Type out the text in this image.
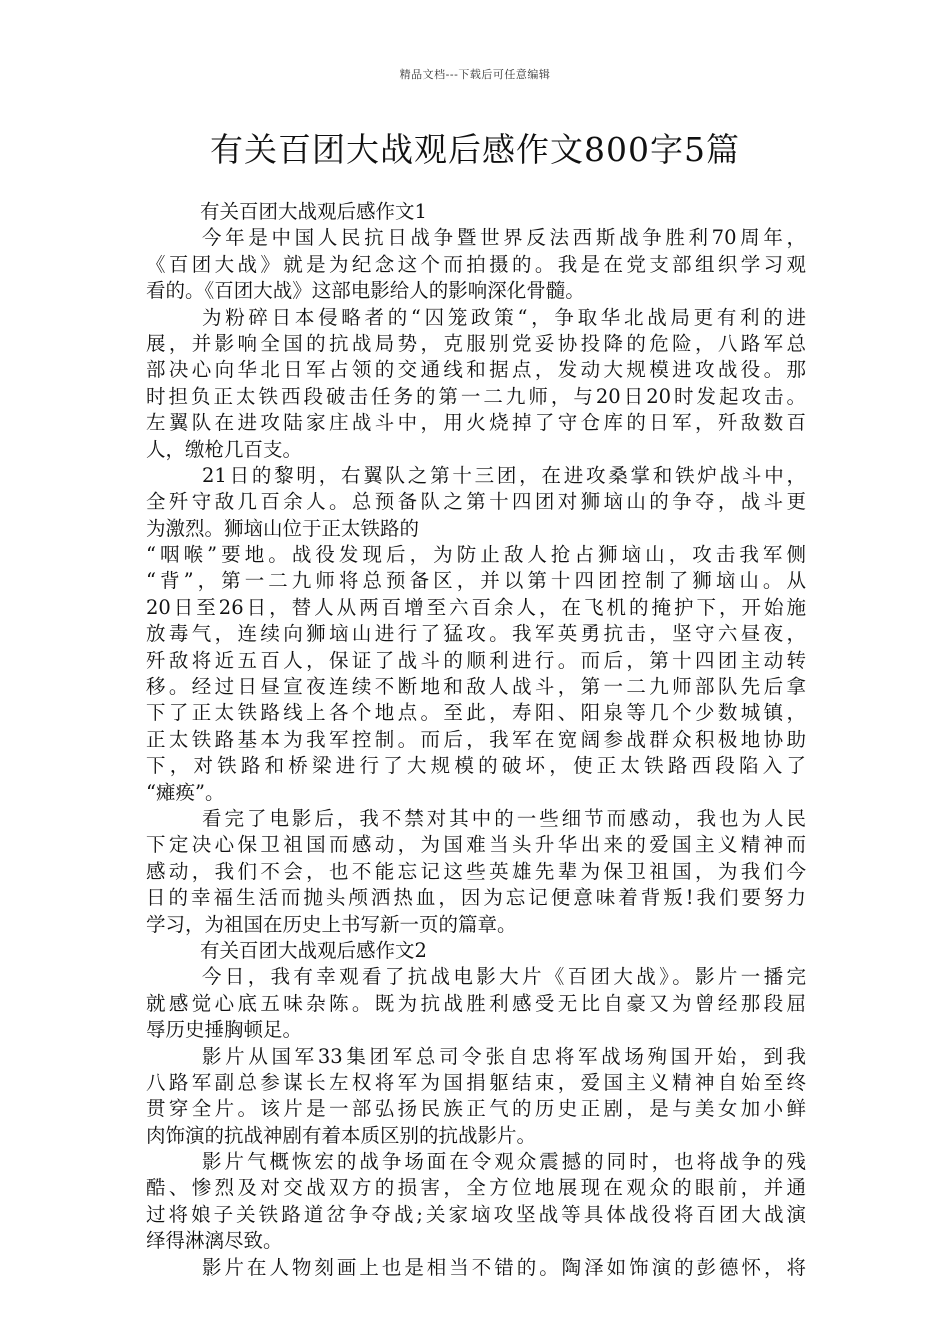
精品文档---下载后可任意编辑
有关百团大战观后感作文800字5篇
有关百团大战观后感作文1
今年是中国人民抗日战争暨世界反法西斯战争胜利70周年，
《百团大战》就是为纪念这个而拍摄的。我是在党支部组织学习观
看的。《百团大战》这部电影给人的影响深化骨髓。
为粉碎日本侵略者的“囚笼政策“，争取华北战局更有利的进
展，并影响全国的抗战局势，克服别党妥协投降的危险，八路军总
部决心向华北日军占领的交通线和据点，发动大规模进攻战役。那
时担负正太铁西段破击任务的第一二九师，与20日20时发起攻击。
左翼队在进攻陆家庄战斗中，用火烧掉了守仓库的日军，歼敌数百
人，缴枪几百支。
21日的黎明，右翼队之第十三团，在进攻桑掌和铁炉战斗中，
全歼守敌几百余人。总预备队之第十四团对狮垴山的争夺，战斗更
为激烈。狮垴山位于正太铁路的
“咽喉”要地。战役发现后，为防止敌人抢占狮垴山，攻击我军侧
“背”，第一二九师将总预备区，并以第十四团控制了狮垴山。从
20日至26日，替人从两百增至六百余人，在飞机的掩护下，开始施
放毒气，连续向狮垴山进行了猛攻。我军英勇抗击，坚守六昼夜，
歼敌将近五百人，保证了战斗的顺利进行。而后，第十四团主动转
移。经过日昼宣夜连续不断地和敌人战斗，第一二九师部队先后拿
下了正太铁路线上各个地点。至此，寿阳、阳泉等几个少数城镇，
正太铁路基本为我军控制。而后，我军在宽阔参战群众积极地协助
下，对铁路和桥梁进行了大规模的破坏，使正太铁路西段陷入了
“瘫痪”。
看完了电影后，我不禁对其中的一些细节而感动，我也为人民
下定决心保卫祖国而感动，为国难当头升华出来的爱国主义精神而
感动，我们不会，也不能忘记这些英雄先辈为保卫祖国，为我们今
日的幸福生活而抛头颅洒热血，因为忘记便意味着背叛!我们要努力
学习，为祖国在历史上书写新一页的篇章。
有关百团大战观后感作文2
今日，我有幸观看了抗战电影大片《百团大战》。影片一播完
就感觉心底五味杂陈。既为抗战胜利感受无比自豪又为曾经那段屈
辱历史捶胸顿足。
影片从国军33集团军总司令张自忠将军战场殉国开始，到我
八路军副总参谋长左权将军为国捐躯结束，爱国主义精神自始至终
贯穿全片。该片是一部弘扬民族正气的历史正剧，是与美女加小鲜
肉饰演的抗战神剧有着本质区别的抗战影片。
影片气概恢宏的战争场面在令观众震撼的同时，也将战争的残
酷、惨烈及对交战双方的损害，全方位地展现在观众的眼前，并通
过将娘子关铁路道岔争夺战;关家垴攻坚战等具体战役将百团大战演
绎得淋漓尽致。
影片在人物刻画上也是相当不错的。陶泽如饰演的彭德怀，将
